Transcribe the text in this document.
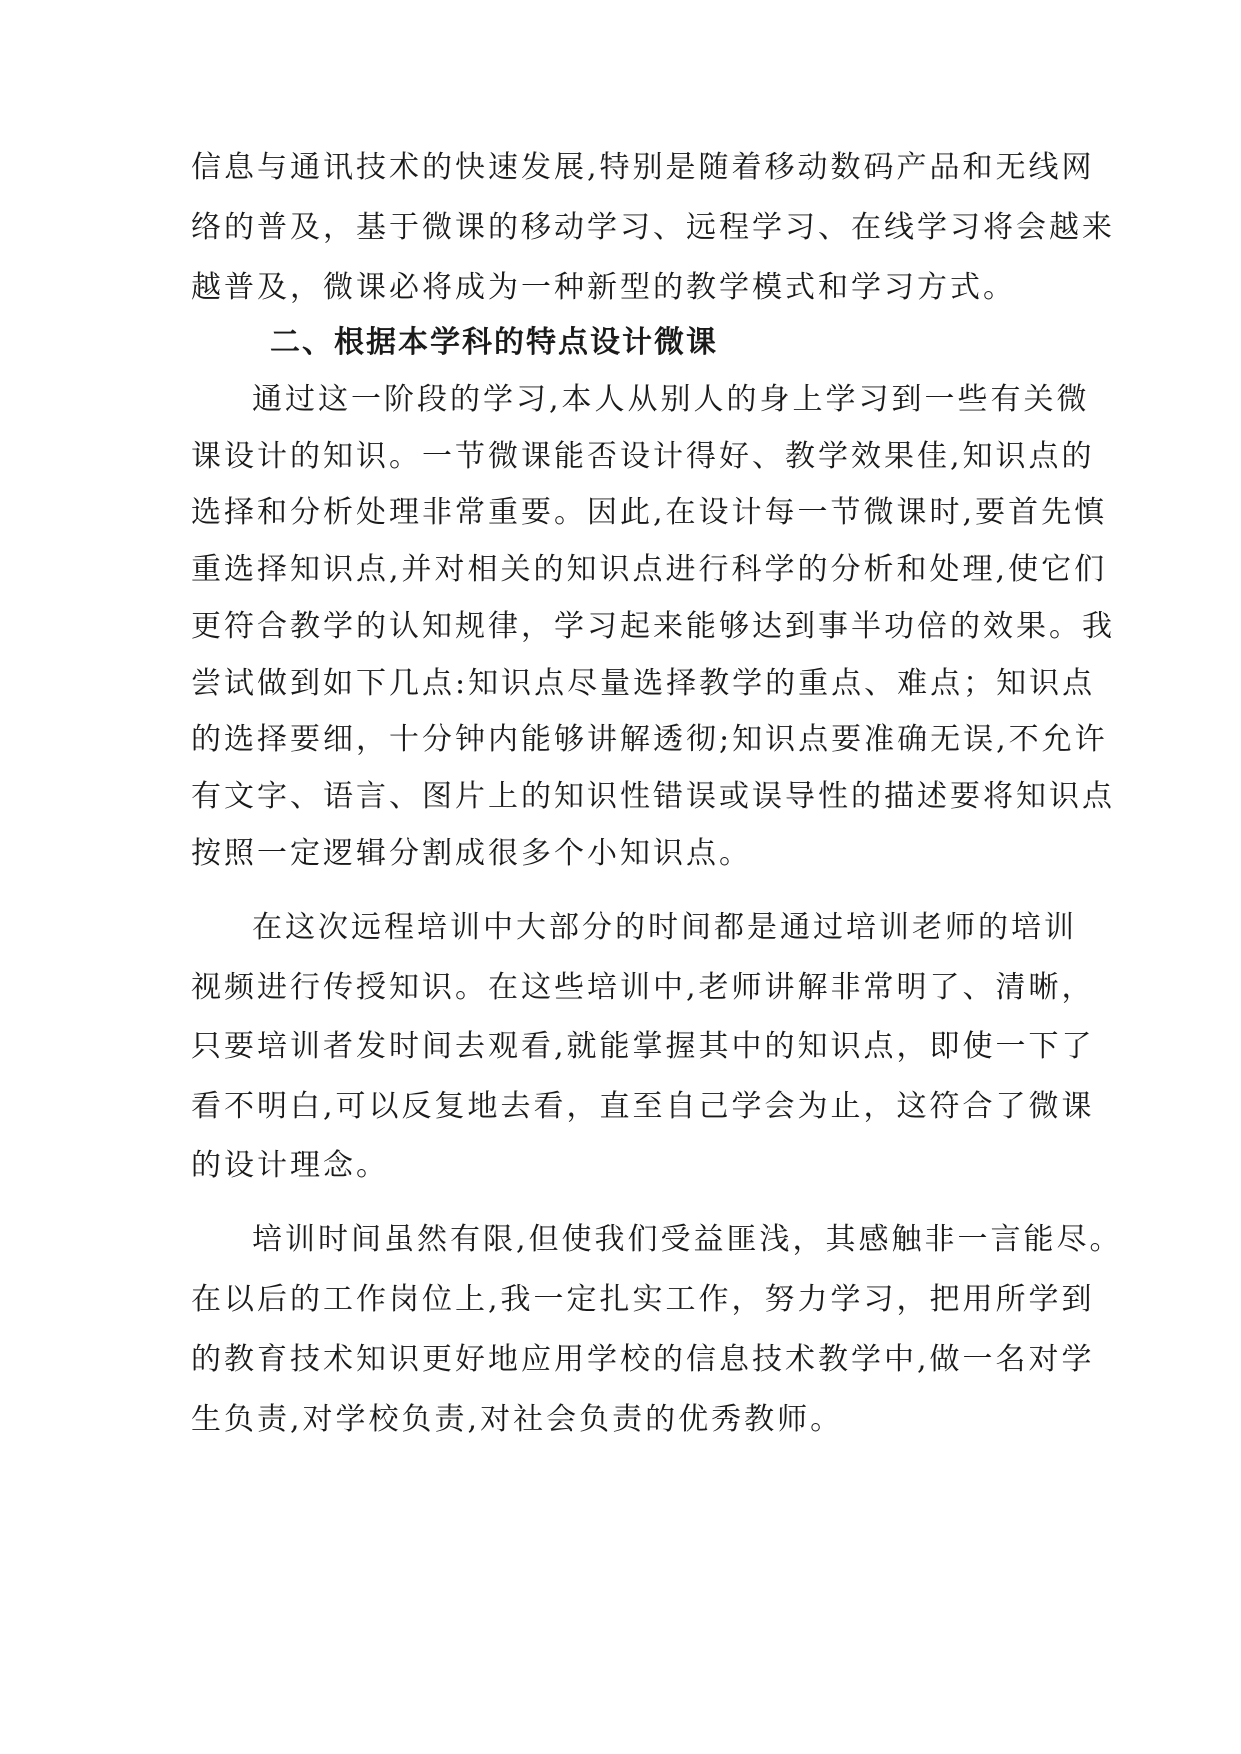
信息与通讯技术的快速发展,特别是随着移动数码产品和无线网
络的普及，基于微课的移动学习、远程学习、在线学习将会越来
越普及，微课必将成为一种新型的教学模式和学习方式。
二、根据本学科的特点设计微课
通过这一阶段的学习,本人从别人的身上学习到一些有关微
课设计的知识。一节微课能否设计得好、教学效果佳,知识点的
选择和分析处理非常重要。因此,在设计每一节微课时,要首先慎
重选择知识点,并对相关的知识点进行科学的分析和处理,使它们
更符合教学的认知规律，学习起来能够达到事半功倍的效果。我
尝试做到如下几点:知识点尽量选择教学的重点、难点；知识点
的选择要细，十分钟内能够讲解透彻;知识点要准确无误,不允许
有文字、语言、图片上的知识性错误或误导性的描述要将知识点
按照一定逻辑分割成很多个小知识点。
在这次远程培训中大部分的时间都是通过培训老师的培训
视频进行传授知识。在这些培训中,老师讲解非常明了、清晰，
只要培训者发时间去观看,就能掌握其中的知识点，即使一下了
看不明白,可以反复地去看，直至自己学会为止，这符合了微课
的设计理念。
培训时间虽然有限,但使我们受益匪浅，其感触非一言能尽。
在以后的工作岗位上,我一定扎实工作，努力学习，把用所学到
的教育技术知识更好地应用学校的信息技术教学中,做一名对学
生负责,对学校负责,对社会负责的优秀教师。
